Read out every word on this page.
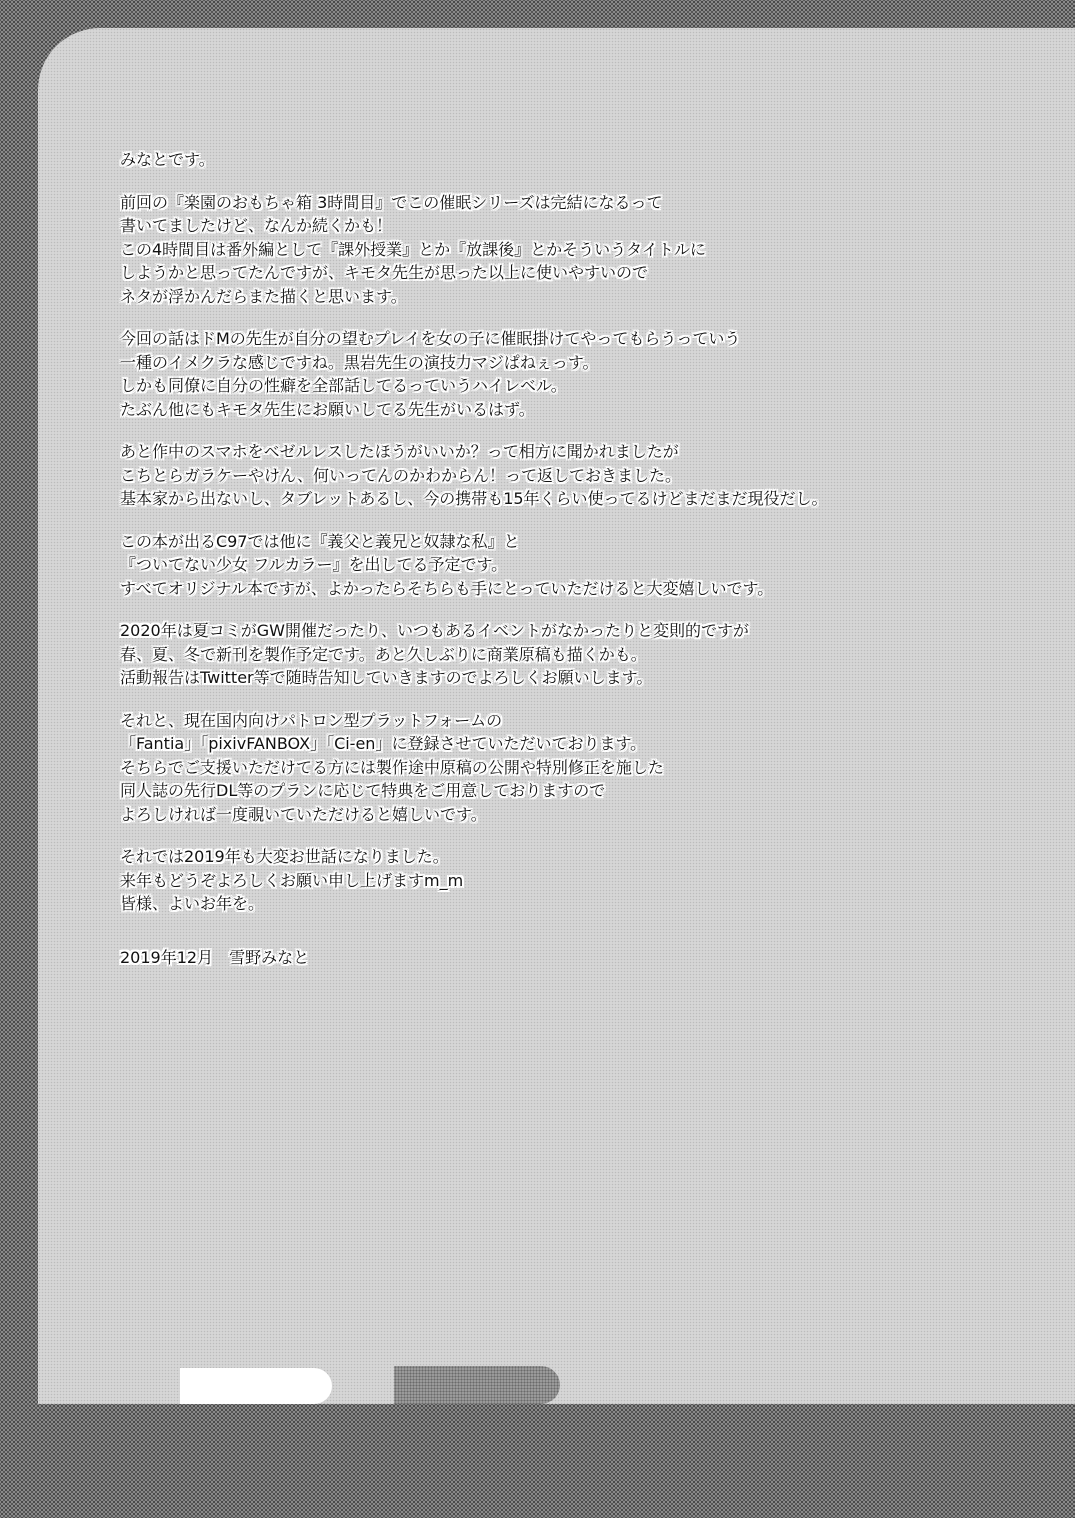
みなとです。
前回の『楽園のおもちゃ箱 3時間目』でこの催眠シリーズは完結になるって
書いてましたけど、なんか続くかも！
この4時間目は番外編として『課外授業』とか『放課後』とかそういうタイトルに
しようかと思ってたんですが、キモタ先生が思った以上に使いやすいので
ネタが浮かんだらまた描くと思います。
今回の話はドMの先生が自分の望むプレイを女の子に催眠掛けてやってもらうっていう
一種のイメクラな感じですね。黒岩先生の演技力マジぱねぇっす。
しかも同僚に自分の性癖を全部話してるっていうハイレベル。
たぶん他にもキモタ先生にお願いしてる先生がいるはず。
あと作中のスマホをベゼルレスしたほうがいいか？って相方に聞かれましたが
こちとらガラケーやけん、何いってんのかわからん！って返しておきました。
基本家から出ないし、タブレットあるし、今の携帯も15年くらい使ってるけどまだまだ現役だし。
この本が出るC97では他に『義父と義兄と奴隷な私』と
『ついてない少女 フルカラー』を出してる予定です。
すべてオリジナル本ですが、よかったらそちらも手にとっていただけると大変嬉しいです。
2020年は夏コミがGW開催だったり、いつもあるイベントがなかったりと変則的ですが
春、夏、冬で新刊を製作予定です。あと久しぶりに商業原稿も描くかも。
活動報告はTwitter等で随時告知していきますのでよろしくお願いします。
それと、現在国内向けパトロン型プラットフォームの
「Fantia」「pixivFANBOX」「Ci-en」に登録させていただいております。
そちらでご支援いただけてる方には製作途中原稿の公開や特別修正を施した
同人誌の先行DL等のプランに応じて特典をご用意しておりますので
よろしければ一度覗いていただけると嬉しいです。
それでは2019年も大変お世話になりました。
来年もどうぞよろしくお願い申し上げますm_m
皆様、よいお年を。
2019年12月　雪野みなと
